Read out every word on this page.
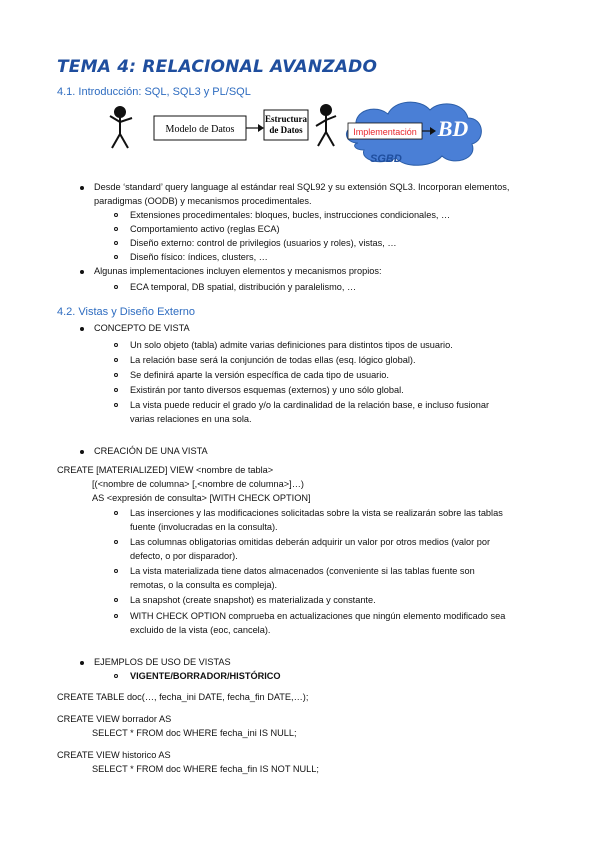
TEMA 4: RELACIONAL AVANZADO
4.1. Introducción: SQL, SQL3 y PL/SQL
Modelo de Datos
Estructura
de Datos	BD
SGBD
Implementación
Desde ‘standard’ query language al estándar real SQL92 y su extensión SQL3. Incorporan elementos,
paradigmas (OODB) y mecanismos procedimentales.
Extensiones procedimentales: bloques, bucles, instrucciones condicionales, …
Comportamiento activo (reglas ECA)
Diseño externo: control de privilegios (usuarios y roles), vistas, …
Diseño físico: índices, clusters, …
Algunas implementaciones incluyen elementos y mecanismos propios:
ECA temporal, DB spatial, distribución y paralelismo, …
4.2. Vistas y Diseño Externo
CONCEPTO DE VISTA
Un solo objeto (tabla) admite varias definiciones para distintos tipos de usuario.
La relación base será la conjunción de todas ellas (esq. lógico global).
Se definirá aparte la versión específica de cada tipo de usuario.
Existirán por tanto diversos esquemas (externos) y uno sólo global.
La vista puede reducir el grado y/o la cardinalidad de la relación base, e incluso fusionar
varias relaciones en una sola.
CREACIÓN DE UNA VISTA
CREATE [MATERIALIZED] VIEW <nombre de tabla>
[(<nombre de columna> [,<nombre de columna>]…)
AS <expresión de consulta> [WITH CHECK OPTION]
Las inserciones y las modificaciones solicitadas sobre la vista se realizarán sobre las tablas
fuente (involucradas en la consulta).
Las columnas obligatorias omitidas deberán adquirir un valor por otros medios (valor por
defecto, o por disparador).
La vista materializada tiene datos almacenados (conveniente si las tablas fuente son
remotas, o la consulta es compleja).
La snapshot (create snapshot) es materializada y constante.
WITH CHECK OPTION comprueba en actualizaciones que ningún elemento modificado sea
excluido de la vista (eoc, cancela).
EJEMPLOS DE USO DE VISTAS
VIGENTE/BORRADOR/HISTÓRICO
CREATE TABLE doc(…, fecha_ini DATE, fecha_fin DATE,…);
CREATE VIEW borrador AS
SELECT * FROM doc WHERE fecha_ini IS NULL;
CREATE VIEW historico AS
SELECT * FROM doc WHERE fecha_fin IS NOT NULL;
